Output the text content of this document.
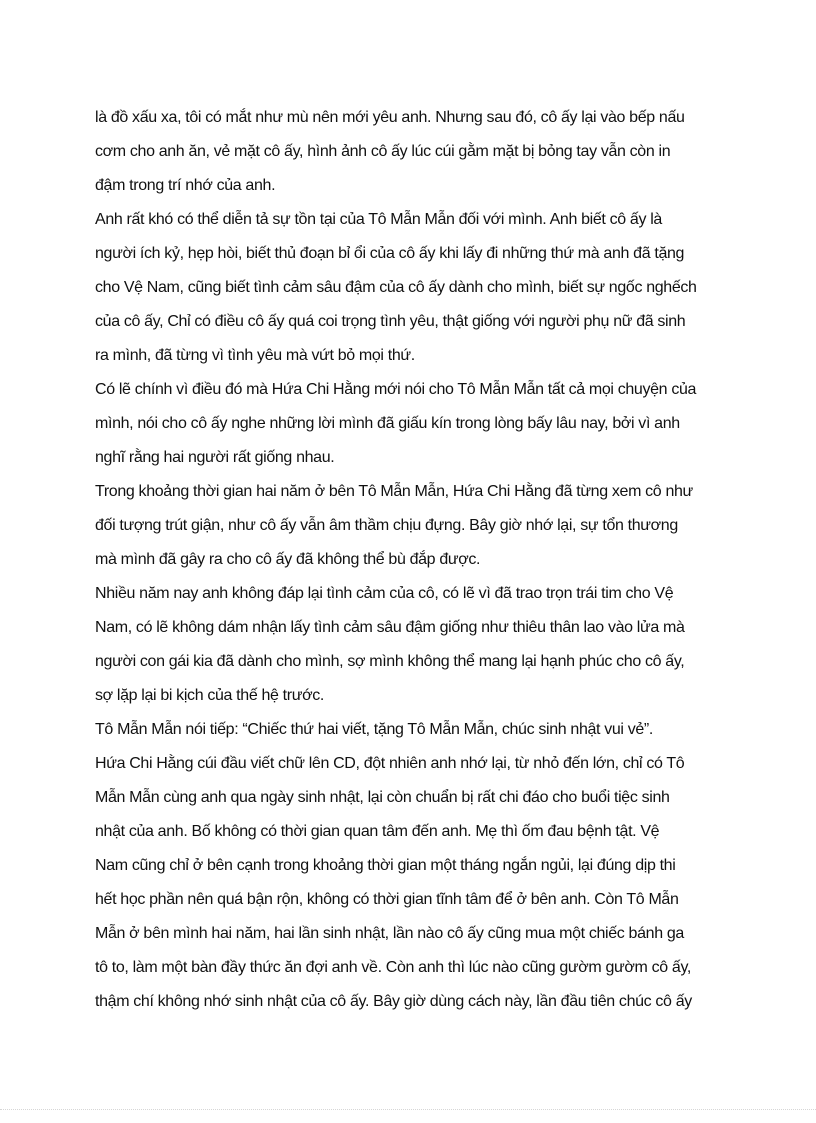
là đồ xấu xa, tôi có mắt như mù nên mới yêu anh. Nhưng sau đó, cô ấy lại vào bếp nấu
cơm cho anh ăn, vẻ mặt cô ấy, hình ảnh cô ấy lúc cúi gằm mặt bị bỏng tay vẫn còn in
đậm trong trí nhớ của anh.
Anh rất khó có thể diễn tả sự tồn tại của Tô Mẫn Mẫn đối với mình. Anh biết cô ấy là
người ích kỷ, hẹp hòi, biết thủ đoạn bỉ ổi của cô ấy khi lấy đi những thứ mà anh đã tặng
cho Vệ Nam, cũng biết tình cảm sâu đậm của cô ấy dành cho mình, biết sự ngốc nghếch
của cô ấy, Chỉ có điều cô ấy quá coi trọng tình yêu, thật giống với người phụ nữ đã sinh
ra mình, đã từng vì tình yêu mà vứt bỏ mọi thứ.
Có lẽ chính vì điều đó mà Hứa Chi Hằng mới nói cho Tô Mẫn Mẫn tất cả mọi chuyện của
mình, nói cho cô ấy nghe những lời mình đã giấu kín trong lòng bấy lâu nay, bởi vì anh
nghĩ rằng hai người rất giống nhau.
Trong khoảng thời gian hai năm ở bên Tô Mẫn Mẫn, Hứa Chi Hằng đã từng xem cô như
đối tượng trút giận, như cô ấy vẫn âm thầm chịu đựng. Bây giờ nhớ lại, sự tổn thương
mà mình đã gây ra cho cô ấy đã không thể bù đắp được.
Nhiều năm nay anh không đáp lại tình cảm của cô, có lẽ vì đã trao trọn trái tim cho Vệ
Nam, có lẽ không dám nhận lấy tình cảm sâu đậm giống như thiêu thân lao vào lửa mà
người con gái kia đã dành cho mình, sợ mình không thể mang lại hạnh phúc cho cô ấy,
sợ lặp lại bi kịch của thế hệ trước.
Tô Mẫn Mẫn nói tiếp: “Chiếc thứ hai viết, tặng Tô Mẫn Mẫn, chúc sinh nhật vui vẻ”.
Hứa Chi Hằng cúi đầu viết chữ lên CD, đột nhiên anh nhớ lại, từ nhỏ đến lớn, chỉ có Tô
Mẫn Mẫn cùng anh qua ngày sinh nhật, lại còn chuẩn bị rất chi đáo cho buổi tiệc sinh
nhật của anh. Bố không có thời gian quan tâm đến anh. Mẹ thì ốm đau bệnh tật. Vệ
Nam cũng chỉ ở bên cạnh trong khoảng thời gian một tháng ngắn ngủi, lại đúng dịp thi
hết học phần nên quá bận rộn, không có thời gian tĩnh tâm để ở bên anh. Còn Tô Mẫn
Mẫn ở bên mình hai năm, hai lần sinh nhật, lần nào cô ấy cũng mua một chiếc bánh ga
tô to, làm một bàn đầy thức ăn đợi anh về. Còn anh thì lúc nào cũng gườm gườm cô ấy,
thậm chí không nhớ sinh nhật của cô ấy. Bây giờ dùng cách này, lần đầu tiên chúc cô ấy
